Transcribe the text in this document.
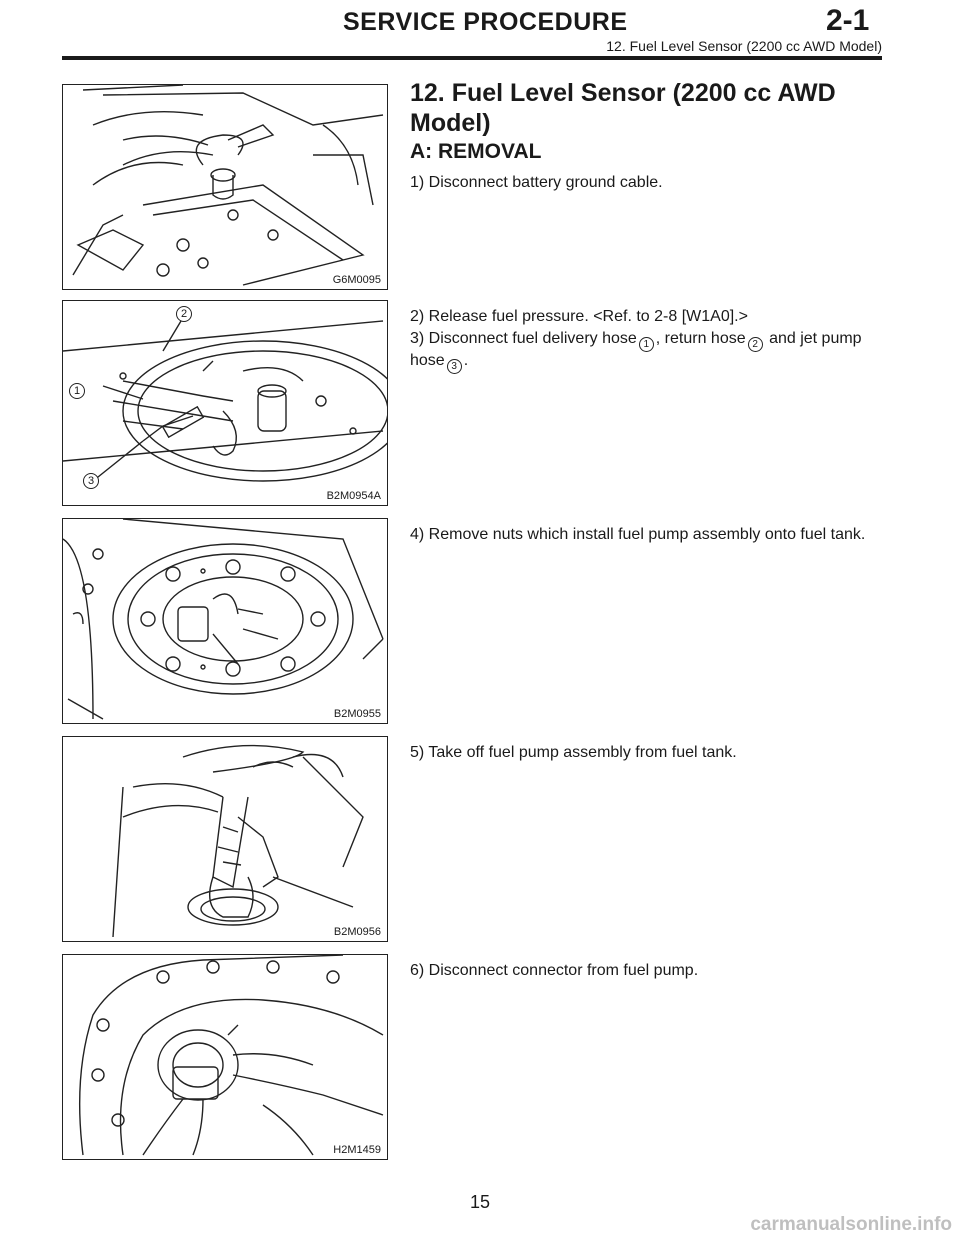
SERVICE PROCEDURE	2-1
12. Fuel Level Sensor (2200 cc AWD Model)
G6M0095
2
1
3
B2M0954A
B2M0955
B2M0956
H2M1459
12. Fuel Level Sensor (2200 cc AWD Model)
A: REMOVAL
1) Disconnect battery ground cable.
2) Release fuel pressure. <Ref. to 2-8 [W1A0].>
3) Disconnect fuel delivery hose 1 , return hose 2 and jet pump hose 3 .
4) Remove nuts which install fuel pump assembly onto fuel tank.
5) Take off fuel pump assembly from fuel tank.
6) Disconnect connector from fuel pump.
15
carmanualsonline.info
